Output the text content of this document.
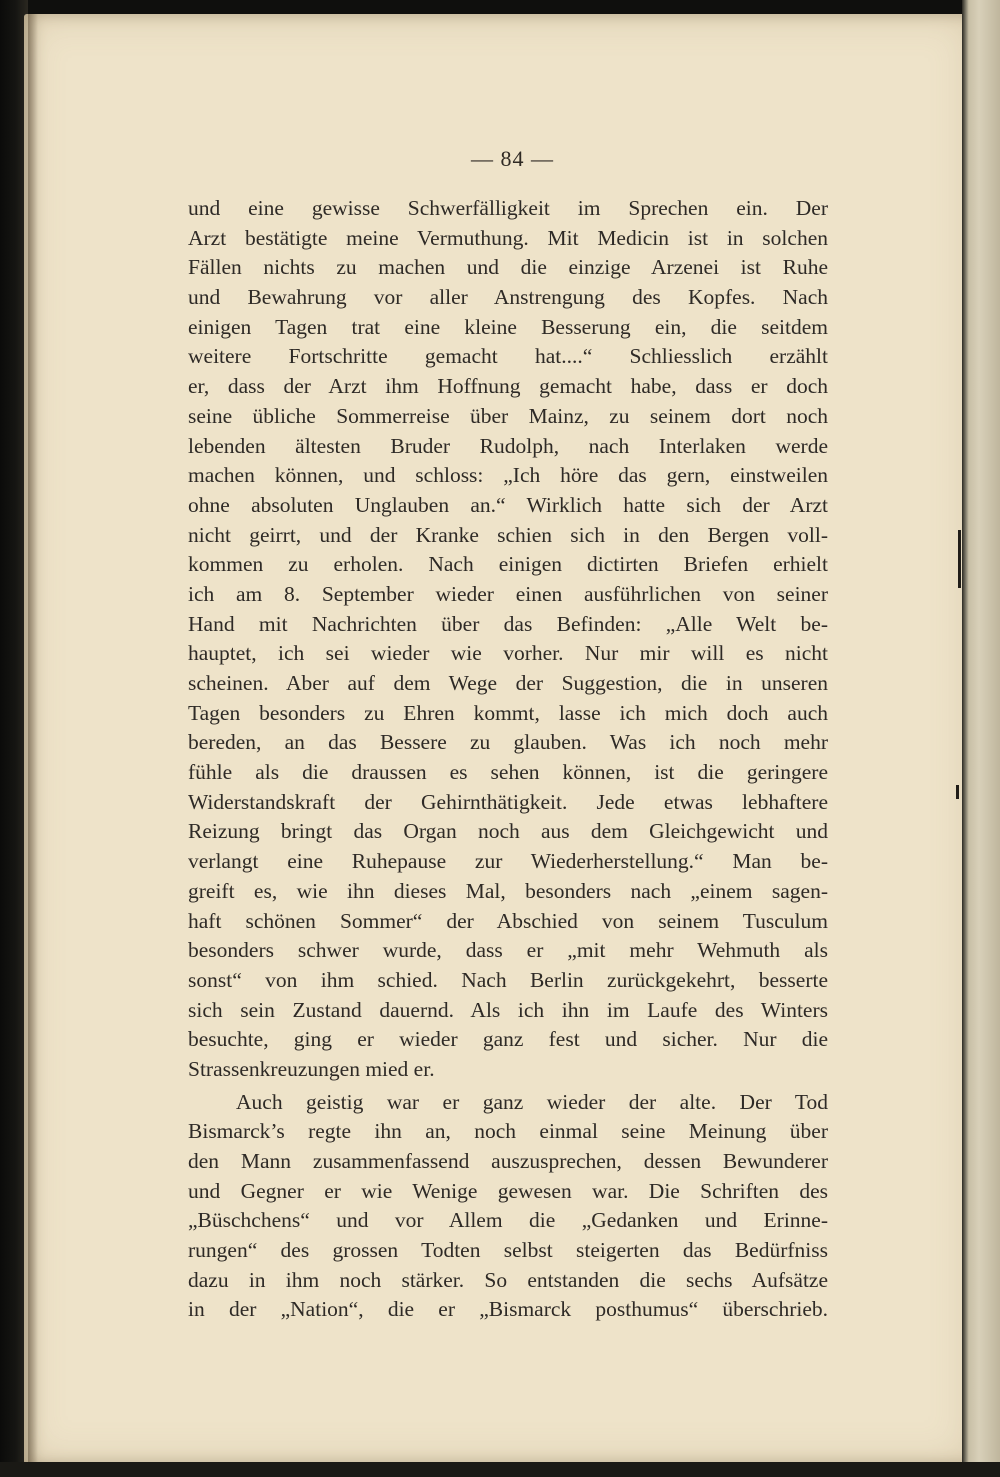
— 84 —
und eine gewisse Schwerfälligkeit im Sprechen ein. Der
Arzt bestätigte meine Vermuthung. Mit Medicin ist in solchen
Fällen nichts zu machen und die einzige Arzenei ist Ruhe
und Bewahrung vor aller Anstrengung des Kopfes. Nach
einigen Tagen trat eine kleine Besserung ein, die seitdem
weitere Fortschritte gemacht hat....“ Schliesslich erzählt
er, dass der Arzt ihm Hoffnung gemacht habe, dass er doch
seine übliche Sommerreise über Mainz, zu seinem dort noch
lebenden ältesten Bruder Rudolph, nach Interlaken werde
machen können, und schloss: „Ich höre das gern, einstweilen
ohne absoluten Unglauben an.“ Wirklich hatte sich der Arzt
nicht geirrt, und der Kranke schien sich in den Bergen voll-
kommen zu erholen. Nach einigen dictirten Briefen erhielt
ich am 8. September wieder einen ausführlichen von seiner
Hand mit Nachrichten über das Befinden: „Alle Welt be-
hauptet, ich sei wieder wie vorher. Nur mir will es nicht
scheinen. Aber auf dem Wege der Suggestion, die in unseren
Tagen besonders zu Ehren kommt, lasse ich mich doch auch
bereden, an das Bessere zu glauben. Was ich noch mehr
fühle als die draussen es sehen können, ist die geringere
Widerstandskraft der Gehirnthätigkeit. Jede etwas lebhaftere
Reizung bringt das Organ noch aus dem Gleichgewicht und
verlangt eine Ruhepause zur Wiederherstellung.“ Man be-
greift es, wie ihn dieses Mal, besonders nach „einem sagen-
haft schönen Sommer“ der Abschied von seinem Tusculum
besonders schwer wurde, dass er „mit mehr Wehmuth als
sonst“ von ihm schied. Nach Berlin zurückgekehrt, besserte
sich sein Zustand dauernd. Als ich ihn im Laufe des Winters
besuchte, ging er wieder ganz fest und sicher. Nur die
Strassenkreuzungen mied er.
Auch geistig war er ganz wieder der alte. Der Tod
Bismarck’s regte ihn an, noch einmal seine Meinung über
den Mann zusammenfassend auszusprechen, dessen Bewunderer
und Gegner er wie Wenige gewesen war. Die Schriften des
„Büschchens“ und vor Allem die „Gedanken und Erinne-
rungen“ des grossen Todten selbst steigerten das Bedürfniss
dazu in ihm noch stärker. So entstanden die sechs Aufsätze
in der „Nation“, die er „Bismarck posthumus“ überschrieb.
